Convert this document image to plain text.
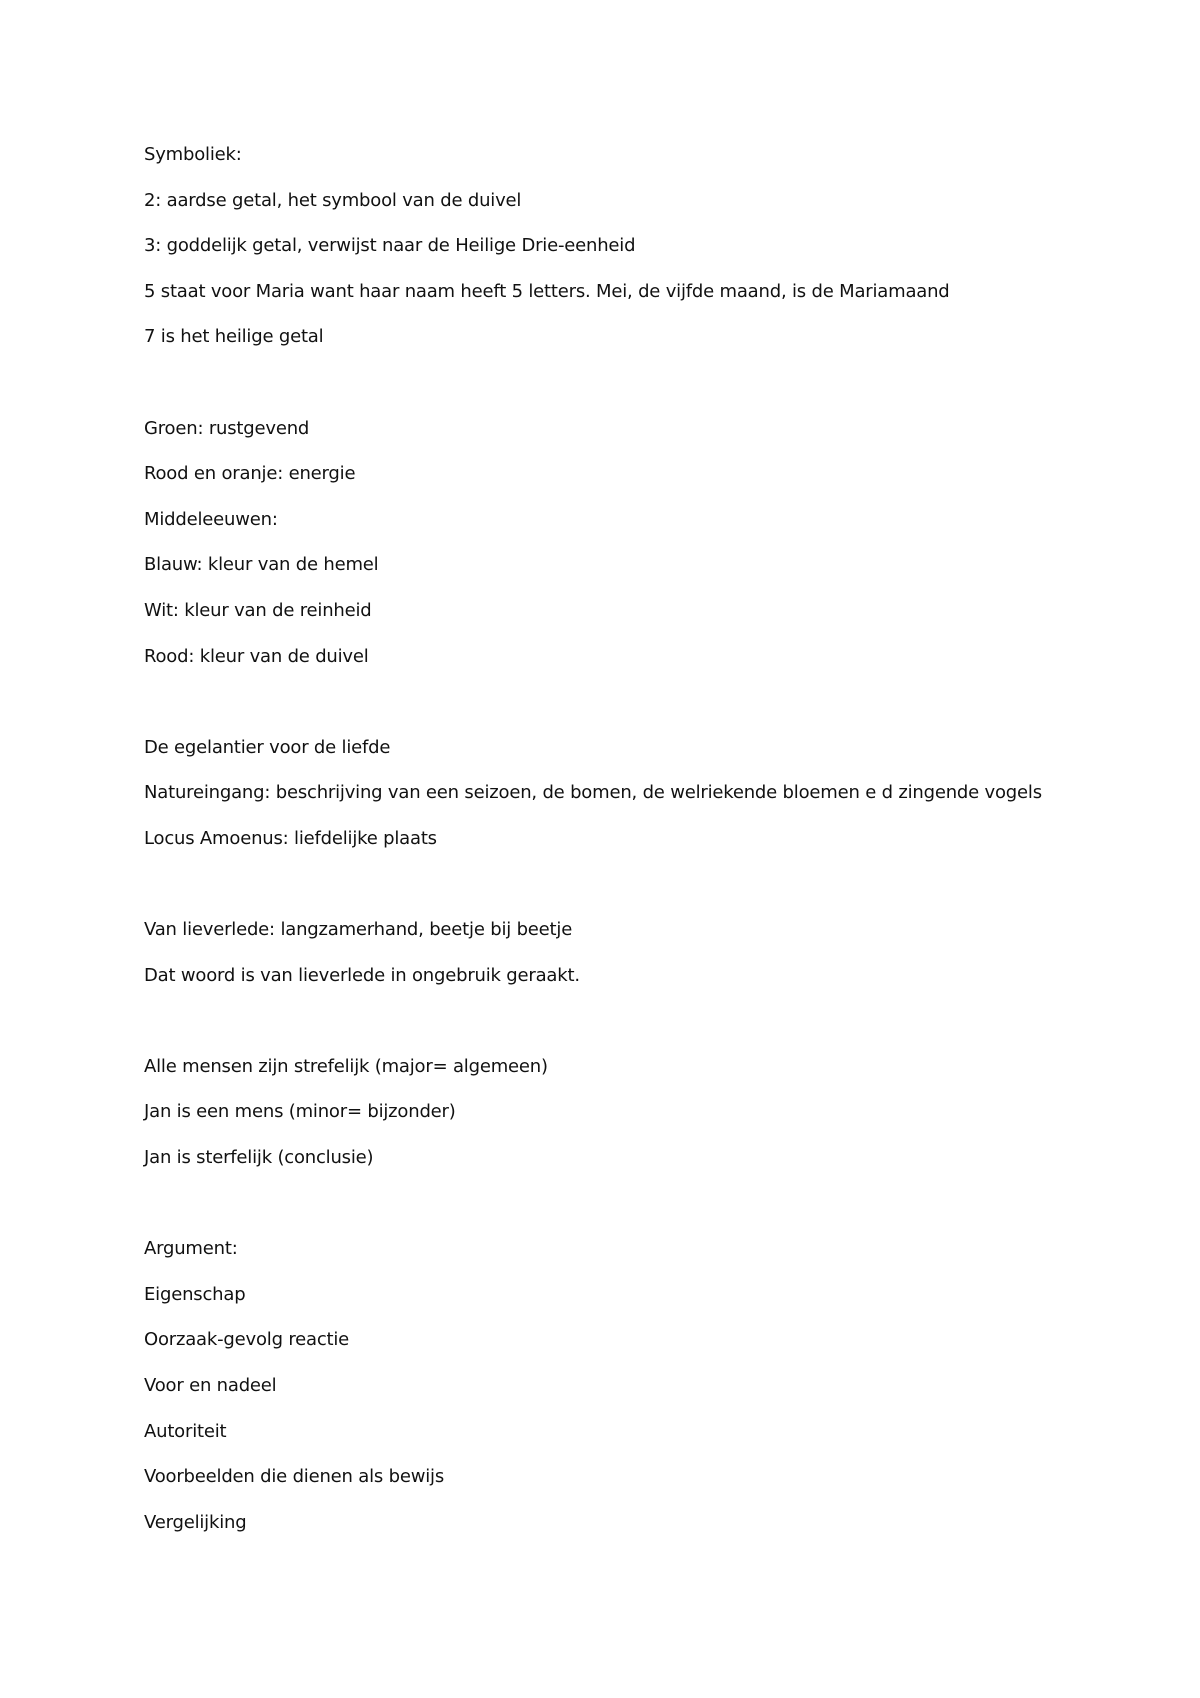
Symboliek:

2: aardse getal, het symbool van de duivel

3: goddelijk getal, verwijst naar de Heilige Drie-eenheid

5 staat voor Maria want haar naam heeft 5 letters. Mei, de vijfde maand, is de Mariamaand

7 is het heilige getal

Groen: rustgevend

Rood en oranje: energie

Middeleeuwen:

Blauw: kleur van de hemel

Wit: kleur van de reinheid

Rood: kleur van de duivel

De egelantier voor de liefde

Natureingang: beschrijving van een seizoen, de bomen, de welriekende bloemen e d zingende vogels

Locus Amoenus: liefdelijke plaats

Van lieverlede: langzamerhand, beetje bij beetje

Dat woord is van lieverlede in ongebruik geraakt.

Alle mensen zijn strefelijk (major= algemeen)

Jan is een mens (minor= bijzonder)

Jan is sterfelijk (conclusie)

Argument:

Eigenschap

Oorzaak-gevolg reactie

Voor en nadeel

Autoriteit

Voorbeelden die dienen als bewijs

Vergelijking
